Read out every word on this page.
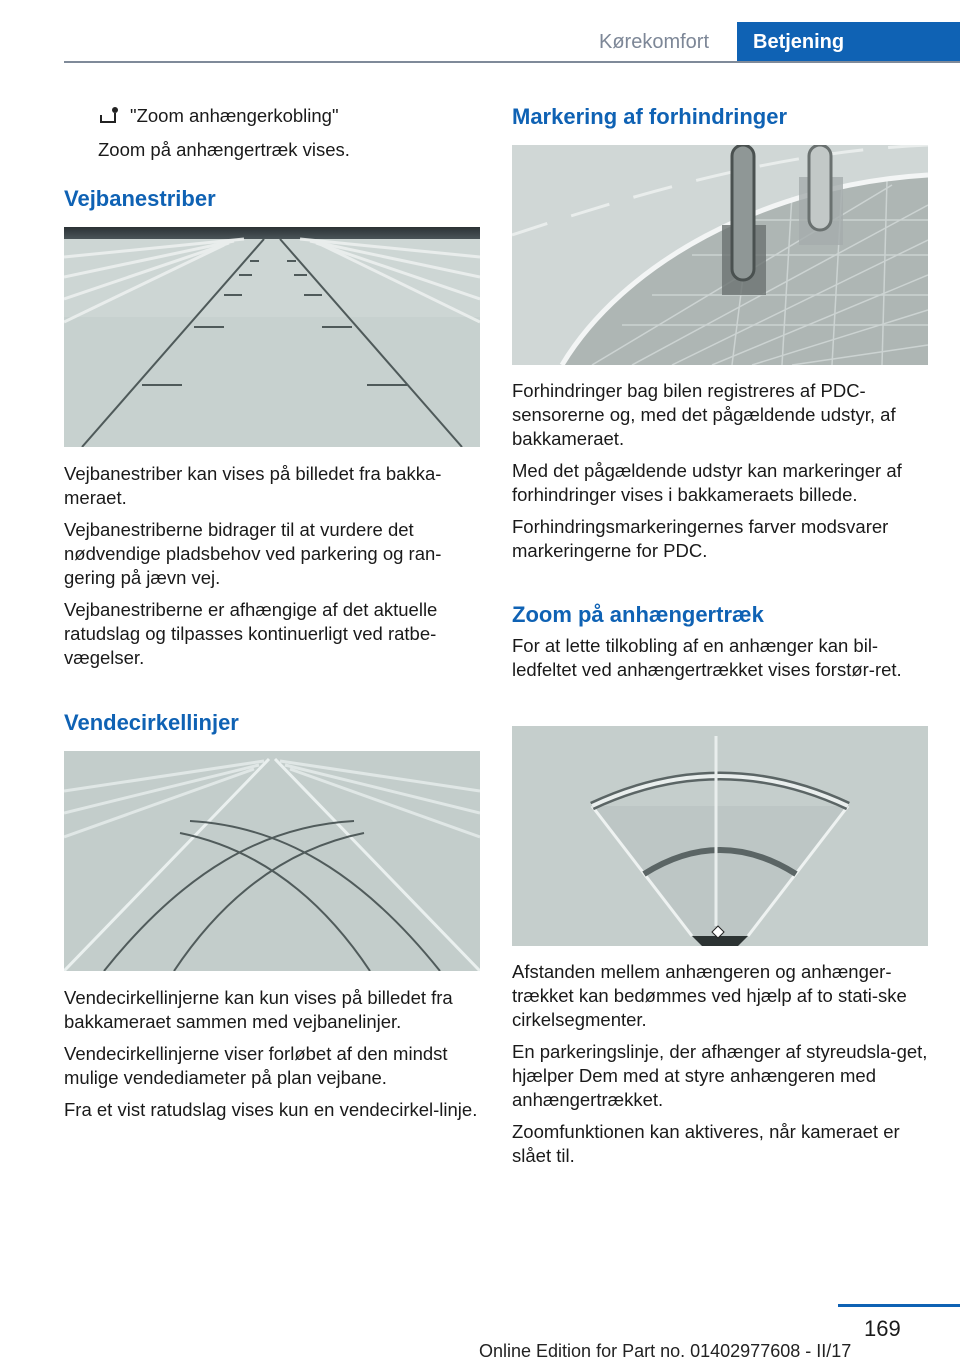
Kørekomfort Betjening
"Zoom anhængerkobling"

Zoom på anhængertræk vises.

Vejbanestriber

Vejbanestriber kan vises på billedet fra bakka-meraet.

Vejbanestriberne bidrager til at vurdere det nødvendige pladsbehov ved parkering og ran-gering på jævn vej.

Vejbanestriberne er afhængige af det aktuelle ratudslag og tilpasses kontinuerligt ved ratbe-vægelser.

Vendecirkellinjer

Vendecirkellinjerne kan kun vises på billedet fra bakkameraet sammen med vejbanelinjer.

Vendecirkellinjerne viser forløbet af den mindst mulige vendediameter på plan vejbane.

Fra et vist ratudslag vises kun en vendecirkel-linje.

Markering af forhindringer

Forhindringer bag bilen registreres af PDC-sensorerne og, med det pågældende udstyr, af bakkameraet.

Med det pågældende udstyr kan markeringer af forhindringer vises i bakkameraets billede.

Forhindringsmarkeringernes farver modsvarer markeringerne for PDC.

Zoom på anhængertræk

For at lette tilkobling af en anhænger kan bil-ledfeltet ved anhængertrækket vises forstør-ret.

Afstanden mellem anhængeren og anhænger-trækket kan bedømmes ved hjælp af to stati-ske cirkelsegmenter.

En parkeringslinje, der afhænger af styreudsla-get, hjælper Dem med at styre anhængeren med anhængertrækket.

Zoomfunktionen kan aktiveres, når kameraet er slået til.

169
Online Edition for Part no. 01402977608 - II/17
